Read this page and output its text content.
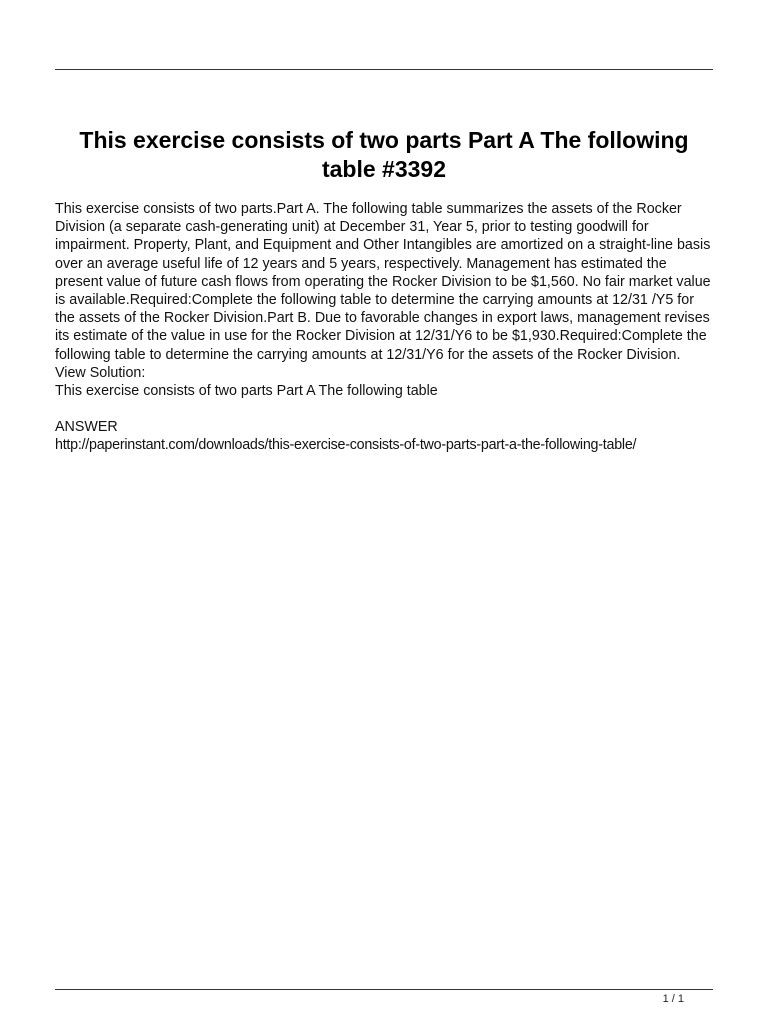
This exercise consists of two parts Part A The following table #3392

This exercise consists of two parts.Part A. The following table summarizes the assets of the Rocker Division (a separate cash-generating unit) at December 31, Year 5, prior to testing goodwill for impairment. Property, Plant, and Equipment and Other Intangibles are amortized on a straight-line basis over an average useful life of 12 years and 5 years, respectively. Management has estimated the present value of future cash flows from operating the Rocker Division to be $1,560. No fair market value is available.Required:Complete the following table to determine the carrying amounts at 12/31 /Y5 for the assets of the Rocker Division.Part B. Due to favorable changes in export laws, management revises its estimate of the value in use for the Rocker Division at 12/31/Y6 to be $1,930.Required:Complete the following table to determine the carrying amounts at 12/31/Y6 for the assets of the Rocker Division.

View Solution:

This exercise consists of two parts Part A The following table

ANSWER

http://paperinstant.com/downloads/this-exercise-consists-of-two-parts-part-a-the-following-table/

1 / 1
